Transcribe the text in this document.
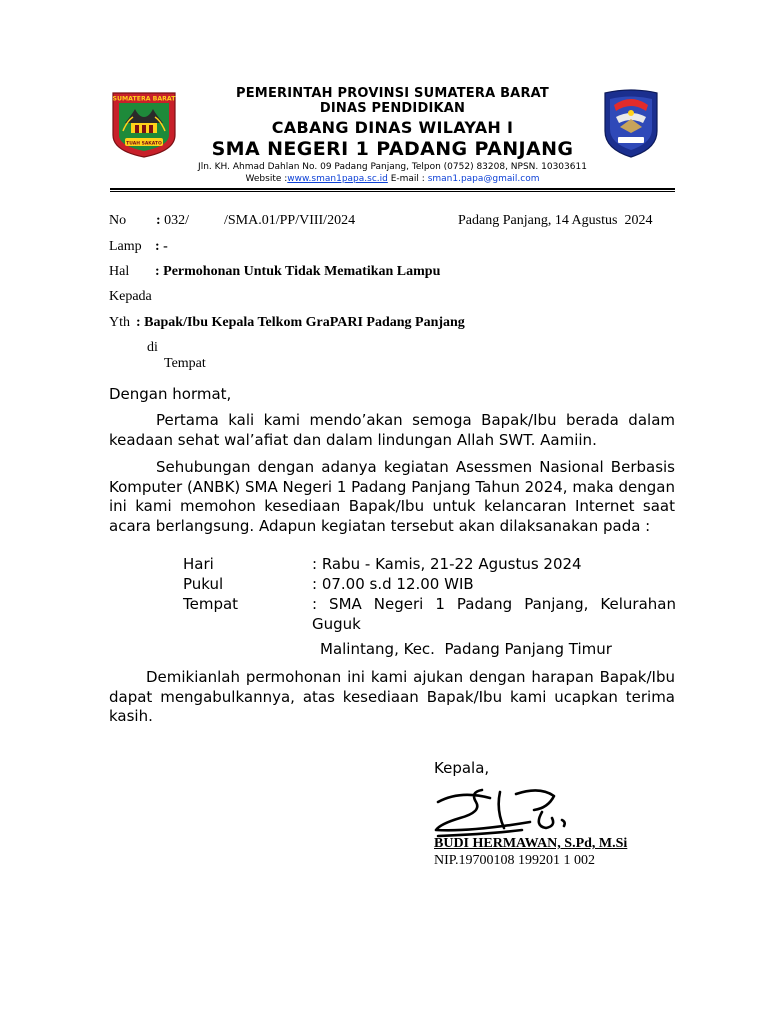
SUMATERA BARAT
TUAH SAKATO
PEMERINTAH PROVINSI SUMATERA BARAT
DINAS PENDIDIKAN
CABANG DINAS WILAYAH I
SMA NEGERI 1 PADANG PANJANG
Jln. KH. Ahmad Dahlan No. 09 Padang Panjang, Telpon (0752) 83208, NPSN. 10303611
Website :www.sman1papa.sc.id E-mail : sman1.papa@gmail.com
No : 032/ /SMA.01/PP/VIII/2024	Padang Panjang, 14 Agustus  2024
Lamp : -
Hal : Permohonan Untuk Tidak Mematikan Lampu
Kepada
Yth : Bapak/Ibu Kepala Telkom GraPARI Padang Panjang
di
Tempat
Dengan hormat,
Pertama kali kami mendo’akan semoga Bapak/Ibu berada dalam keadaan sehat wal’afiat dan dalam lindungan Allah SWT. Aamiin.
Sehubungan dengan adanya kegiatan Asessmen Nasional Berbasis Komputer (ANBK) SMA Negeri 1 Padang Panjang Tahun 2024, maka dengan ini kami memohon kesediaan Bapak/Ibu untuk kelancaran Internet saat acara berlangsung. Adapun kegiatan tersebut akan dilaksanakan pada :
Hari	: Rabu - Kamis, 21-22 Agustus 2024
Pukul	: 07.00 s.d 12.00 WIB
Tempat	: SMA Negeri 1 Padang Panjang, Kelurahan Guguk
Malintang, Kec.  Padang Panjang Timur
Demikianlah permohonan ini kami ajukan dengan harapan Bapak/Ibu dapat mengabulkannya, atas kesediaan Bapak/Ibu kami ucapkan terima kasih.
Kepala,
BUDI HERMAWAN, S.Pd, M.Si
NIP.19700108 199201 1 002
